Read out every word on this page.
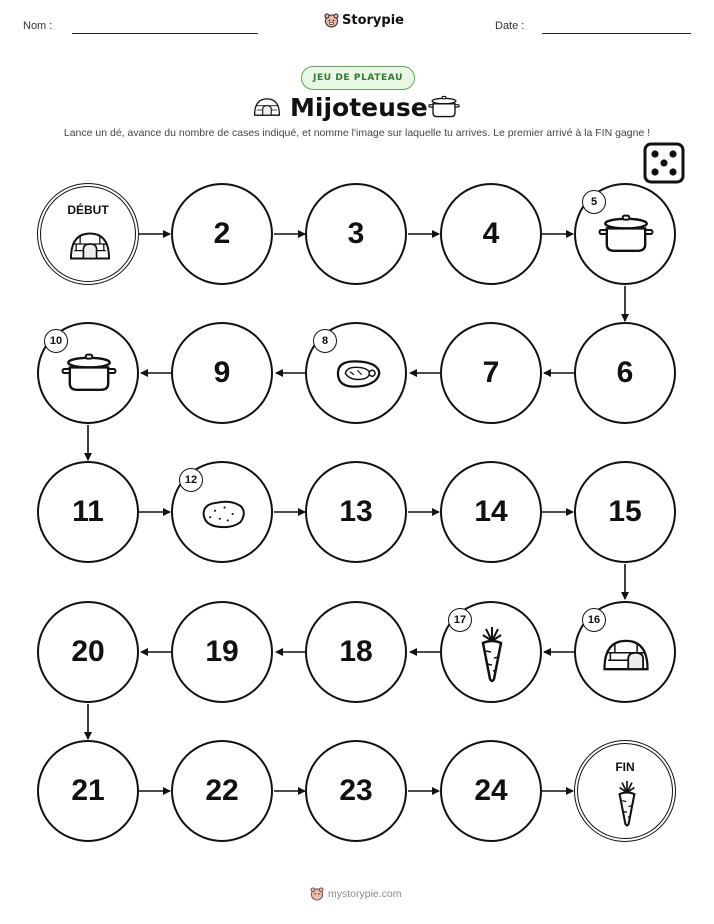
Nom :	Storypie	Date :
JEU DE PLATEAU
Mijoteuse
Lance un dé, avance du nombre de cases indiqué, et nomme l'image sur laquelle tu arrives. Le premier arrivé à la FIN gagne !
DÉBUT
2	3	4
5
10
9
8
7	6
11
12
13	14	15
20	19	18
17	16
21	22	23	24
FIN
mystorypie.com
